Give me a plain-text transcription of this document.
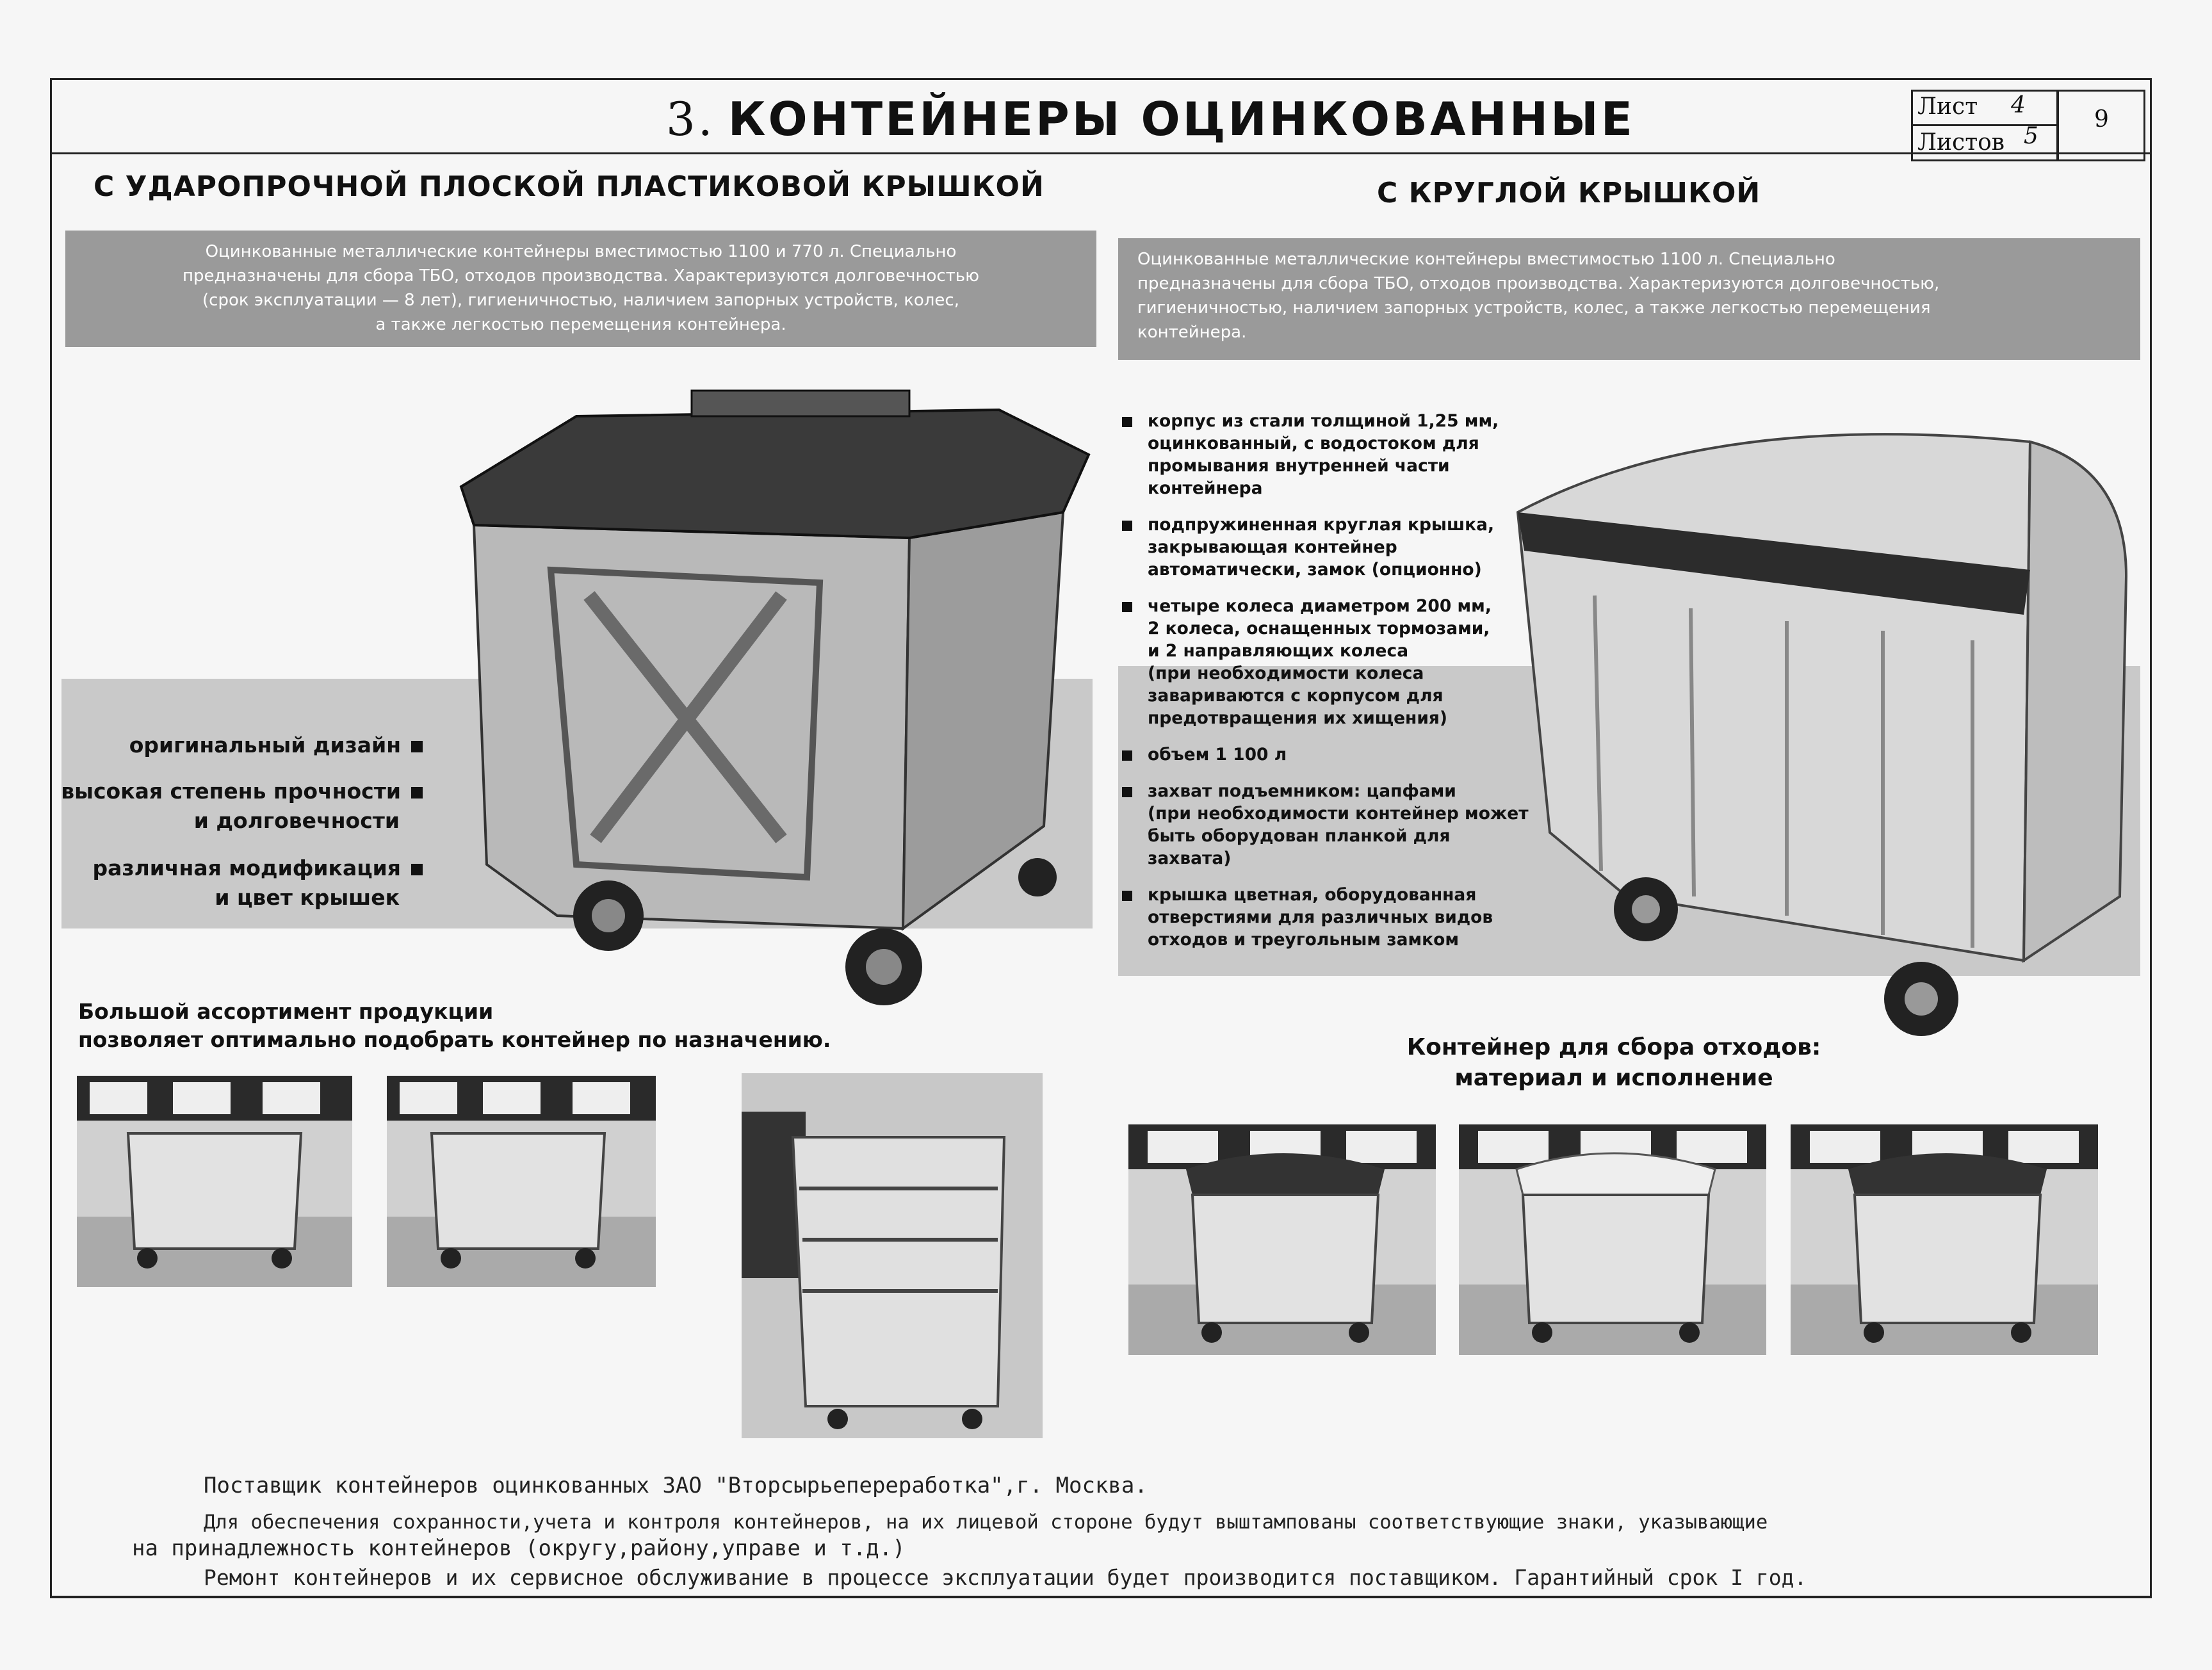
3. КОНТЕЙНЕРЫ ОЦИНКОВАННЫЕ	Лист 4
Листов 5
9
С УДАРОПРОЧНОЙ ПЛОСКОЙ ПЛАСТИКОВОЙ КРЫШКОЙ
Оцинкованные металлические контейнеры вместимостью 1100 и 770 л. Специально
предназначены для сбора ТБО, отходов производства. Характеризуются долговечностью
(срок эксплуатации — 8 лет), гигиеничностью, наличием запорных устройств, колес,
а также легкостью перемещения контейнера.
С КРУГЛОЙ КРЫШКОЙ
Оцинкованные металлические контейнеры вместимостью 1100 л. Специально
предназначены для сбора ТБО, отходов производства. Характеризуются долговечностью,
гигиеничностью, наличием запорных устройств, колес, а также легкостью перемещения
контейнера.
оригинальный дизайн
высокая степень прочности
и долговечности
различная модификация
и цвет крышек
корпус из стали толщиной 1,25 мм,
оцинкованный, с водостоком для
промывания внутренней части
контейнера
подпружиненная круглая крышка,
закрывающая контейнер
автоматически, замок (опционно)
четыре колеса диаметром 200 мм,
2 колеса, оснащенных тормозами,
и 2 направляющих колеса
(при необходимости колеса
завариваются с корпусом для
предотвращения их хищения)
объем 1 100 л
захват подъемником: цапфами
(при необходимости контейнер может
быть оборудован планкой для захвата)
крышка цветная, оборудованная
отверстиями для различных видов
отходов и треугольным замком
Большой ассортимент продукции
позволяет оптимально подобрать контейнер по назначению.	Контейнер для сбора отходов:
материал и исполнение
Поставщик контейнеров оцинкованных ЗАО "Вторсырьепереработка",г. Москва.
Для обеспечения сохранности,учета и контроля контейнеров, на их лицевой стороне будут выштампованы соответствующие знаки, указывающие
на принадлежность контейнеров (округу,району,управе и т.д.)
Ремонт контейнеров и их сервисное обслуживание в процессе эксплуатации будет производится поставщиком. Гарантийный срок I год.
